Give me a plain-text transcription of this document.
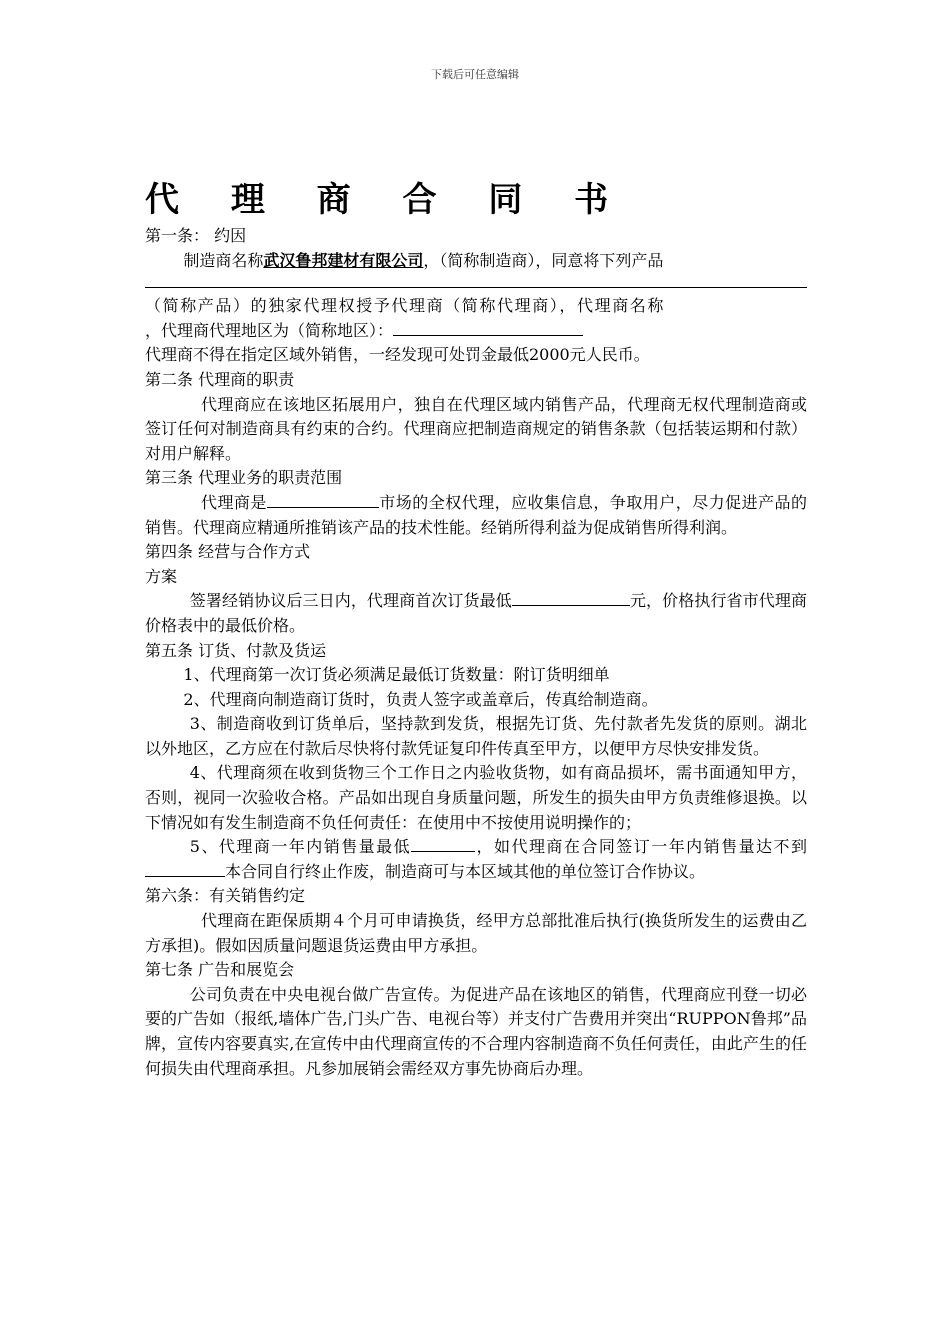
下载后可任意编辑
代 理 商 合 同 书

第一条： 约因

制造商名称武汉鲁邦建材有限公司，（简称制造商），同意将下列产品

（简称产品）的独家代理权授予代理商（简称代理商），代理商名称

，代理商代理地区为（简称地区）：

代理商不得在指定区域外销售，一经发现可处罚金最低2000元人民币。

第二条 代理商的职责

代理商应在该地区拓展用户，独自在代理区域内销售产品，代理商无权代理制造商或签订任何对制造商具有约束的合约。代理商应把制造商规定的销售条款（包括装运期和付款）对用户解释。

第三条 代理业务的职责范围

代理商是	市场的全权代理，应收集信息，争取用户，尽力促进产品的销售。代理商应精通所推销该产品的技术性能。经销所得利益为促成销售所得利润。

第四条 经营与合作方式

方案

签署经销协议后三日内，代理商首次订货最低	元，价格执行省市代理商价格表中的最低价格。

第五条 订货、付款及货运

1、代理商第一次订货必须满足最低订货数量：附订货明细单

2、代理商向制造商订货时，负责人签字或盖章后，传真给制造商。

3、制造商收到订货单后，坚持款到发货，根据先订货、先付款者先发货的原则。湖北以外地区，乙方应在付款后尽快将付款凭证复印件传真至甲方，以便甲方尽快安排发货。

4、代理商须在收到货物三个工作日之内验收货物，如有商品损坏，需书面通知甲方，否则，视同一次验收合格。产品如出现自身质量问题，所发生的损失由甲方负责维修退换。以下情况如有发生制造商不负任何责任：在使用中不按使用说明操作的；

5、代理商一年内销售量最低	，如代理商在合同签订一年内销售量达不到本合同自行终止作废，制造商可与本区域其他的单位签订合作协议。

第六条：有关销售约定

代理商在距保质期４个月可申请换货，经甲方总部批准后执行(换货所发生的运费由乙方承担)。假如因质量问题退货运费由甲方承担。

第七条 广告和展览会

公司负责在中央电视台做广告宣传。为促进产品在该地区的销售，代理商应刊登一切必要的广告如（报纸,墙体广告,门头广告、电视台等）并支付广告费用并突出“RUPPON鲁邦”品牌，宣传内容要真实,在宣传中由代理商宣传的不合理内容制造商不负任何责任，由此产生的任何损失由代理商承担。凡参加展销会需经双方事先协商后办理。
